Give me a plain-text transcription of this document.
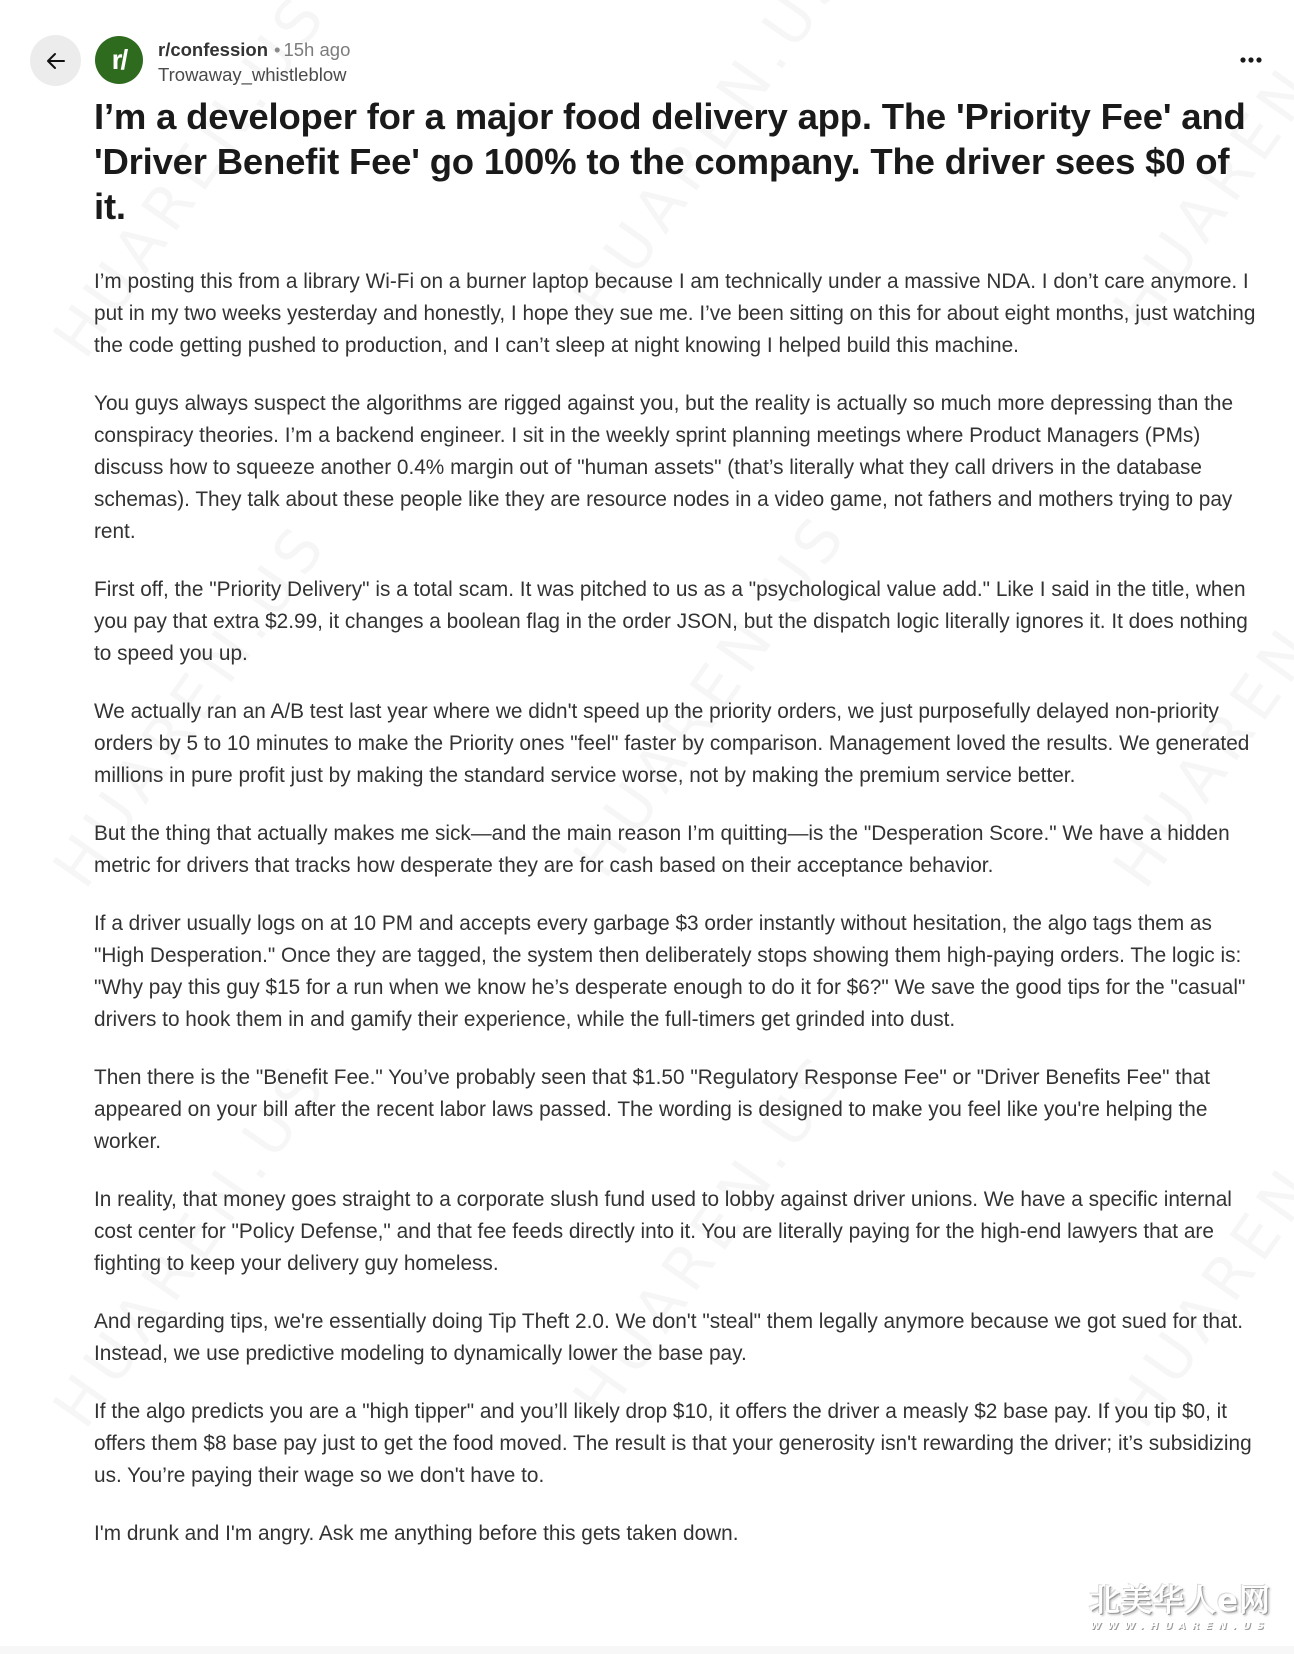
r/ r/confession • 15h ago
Trowaway_whistleblow
I’m a developer for a major food delivery app. The 'Priority Fee' and 'Driver Benefit Fee' go 100% to the company. The driver sees $0 of it.

I’m posting this from a library Wi-Fi on a burner laptop because I am technically under a massive NDA. I don’t care anymore. I put in my two weeks yesterday and honestly, I hope they sue me. I’ve been sitting on this for about eight months, just watching the code getting pushed to production, and I can’t sleep at night knowing I helped build this machine.

You guys always suspect the algorithms are rigged against you, but the reality is actually so much more depressing than the conspiracy theories. I’m a backend engineer. I sit in the weekly sprint planning meetings where Product Managers (PMs) discuss how to squeeze another 0.4% margin out of "human assets" (that’s literally what they call drivers in the database schemas). They talk about these people like they are resource nodes in a video game, not fathers and mothers trying to pay rent.

First off, the "Priority Delivery" is a total scam. It was pitched to us as a "psychological value add." Like I said in the title, when you pay that extra $2.99, it changes a boolean flag in the order JSON, but the dispatch logic literally ignores it. It does nothing to speed you up.

We actually ran an A/B test last year where we didn't speed up the priority orders, we just purposefully delayed non-priority orders by 5 to 10 minutes to make the Priority ones "feel" faster by comparison. Management loved the results. We generated millions in pure profit just by making the standard service worse, not by making the premium service better.

But the thing that actually makes me sick—and the main reason I’m quitting—is the "Desperation Score." We have a hidden metric for drivers that tracks how desperate they are for cash based on their acceptance behavior.

If a driver usually logs on at 10 PM and accepts every garbage $3 order instantly without hesitation, the algo tags them as "High Desperation." Once they are tagged, the system then deliberately stops showing them high-paying orders. The logic is: "Why pay this guy $15 for a run when we know he’s desperate enough to do it for $6?" We save the good tips for the "casual" drivers to hook them in and gamify their experience, while the full-timers get grinded into dust.

Then there is the "Benefit Fee." You’ve probably seen that $1.50 "Regulatory Response Fee" or "Driver Benefits Fee" that appeared on your bill after the recent labor laws passed. The wording is designed to make you feel like you're helping the worker.

In reality, that money goes straight to a corporate slush fund used to lobby against driver unions. We have a specific internal cost center for "Policy Defense," and that fee feeds directly into it. You are literally paying for the high-end lawyers that are fighting to keep your delivery guy homeless.

And regarding tips, we're essentially doing Tip Theft 2.0. We don't "steal" them legally anymore because we got sued for that. Instead, we use predictive modeling to dynamically lower the base pay.

If the algo predicts you are a "high tipper" and you’ll likely drop $10, it offers the driver a measly $2 base pay. If you tip $0, it offers them $8 base pay just to get the food moved. The result is that your generosity isn't rewarding the driver; it’s subsidizing us. You’re paying their wage so we don't have to.

I'm drunk and I'm angry. Ask me anything before this gets taken down.

北美华人e网
WWW.HUAREN.US
